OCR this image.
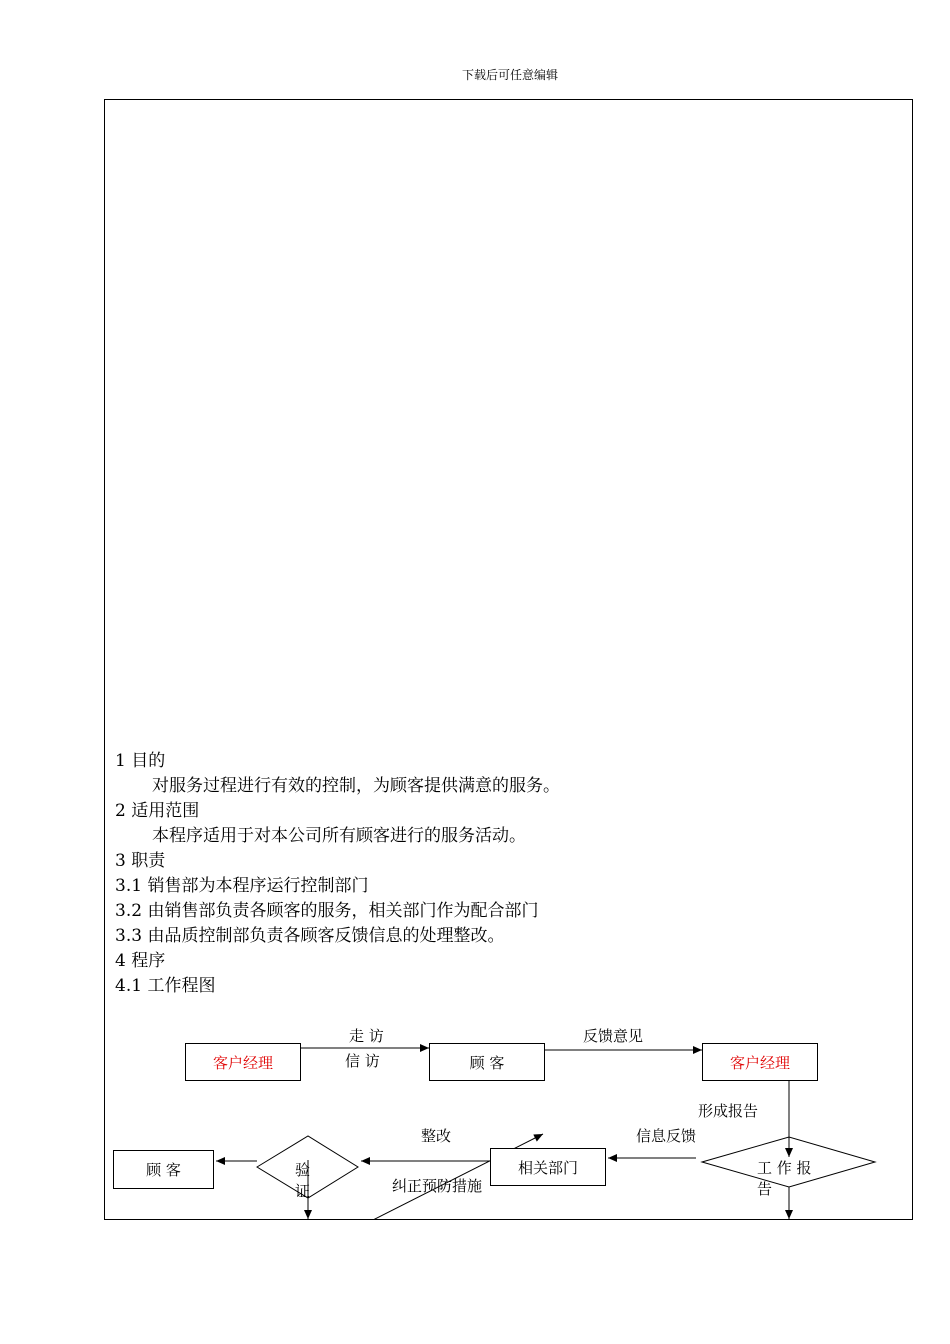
下载后可任意编辑
1 目的
对服务过程进行有效的控制，为顾客提供满意的服务。
2 适用范围
本程序适用于对本公司所有顾客进行的服务活动。
3 职责
3.1 销售部为本程序运行控制部门
3.2 由销售部负责各顾客的服务，相关部门作为配合部门
3.3 由品质控制部负责各顾客反馈信息的处理整改。
4 程序
4.1 工作程图
客户经理	顾 客	客户经理
相关部门
顾 客	验
证
工 作 报
告
走 访
信 访
反馈意见
形成报告
信息反馈
整改
纠正预防措施
